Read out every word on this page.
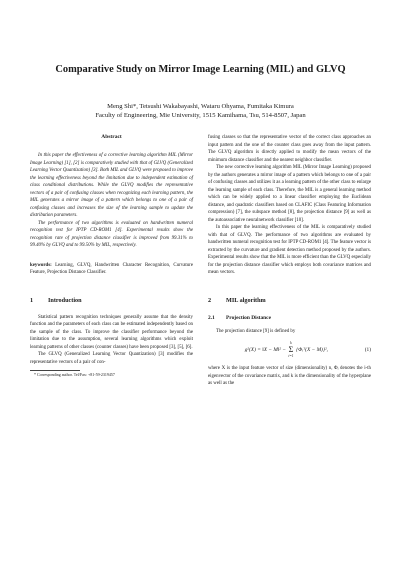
Comparative Study on Mirror Image Learning (MIL) and GLVQ
Meng Shi*, Tetsushi Wakabayashi, Wataru Ohyama, Fumitaka Kimura
Faculty of Engineering, Mie University, 1515 Kamihama, Tsu, 514-8507, Japan
Abstract
In this paper the effectiveness of a corrective learning algorithm MIL (Mirror Image Learning) [1], [2] is comparatively studied with that of GLVQ (Generalized Learning Vector Quantization) [3]. Both MIL and GLVQ were proposed to improve the learning effectiveness beyond the limitation due to independent estimation of class conditional distributions. While the GLVQ modifies the representative vectors of a pair of confusing classes when recognizing each learning pattern, the MIL generates a mirror image of a pattern which belongs to one of a pair of confusing classes and increases the size of the learning sample to update the distribution parameters.
The performance of two algorithms is evaluated on handwritten numeral recognition test for IPTP CD-ROM1 [4]. Experimental results show the recognition rate of projection distance classifier is improved from 99.31% to 99.40% by GLVQ and to 99.50% by MIL, respectively.
keywords: Learning, GLVQ, Handwritten Character Recognition, Curvature Feature, Projection Distance Classifier.
1	Introduction
Statistical pattern recognition techniques generally assume that the density function and the parameters of each class can be estimated independently based on the sample of the class. To improve the classifier performance beyond the limitation due to the assumption, several learning algorithms which exploit learning patterns of other classes (counter classes) have been proposed [3], [5], [6].
The GLVQ (Generalized Learning Vector Quantization) [3] modifies the representative vectors of a pair of con-
* Corresponding author. Tel/Fax: +81-59-2319457
fusing classes so that the representative vector of the correct class approaches an input pattern and the one of the counter class goes away from the input pattern. The GLVQ algorithm is directly applied to modify the mean vectors of the minimum distance classifier and the nearest neighbor classifier.
The new corrective learning algorithm MIL (Mirror Image Learning) proposed by the authors generates a mirror image of a pattern which belongs to one of a pair of confusing classes and utilizes it as a learning pattern of the other class to enlarge the learning sample of each class. Therefore, the MIL is a general learning method which can be widely applied to a linear classifier employing the Euclidean distance, and quadratic classifiers based on CLAFIC (Class Featuring Information compression) [7], the subspace method [8], the projection distance [9] as well as the autoassociative neuralnetwork classifier [10].
In this paper the learning effectiveness of the MIL is comparatively studied with that of GLVQ. The performance of two algorithms are evaluated by handwritten numeral recognition test for IPTP CD-ROM1 [4]. The feature vector is extracted by the curvature and gradient detection method proposed by the authors. Experimental results show that the MIL is more efficient than the GLVQ especially for the projection distance classifier which employs both covariance matrices and mean vectors.
2	MIL algorithm
2.1	Projection Distance
The projection distance [9] is defined by
g²(X) = ‖X − M‖² −
k
Σ
i=1
{Φᵢᵀ(X − M)}²,	(1)
where X is the input feature vector of size (dimensionality) n, Φᵢ denotes the i-th eigenvector of the covariance matrix, and k is the dimensionality of the hyperplane as well as the
